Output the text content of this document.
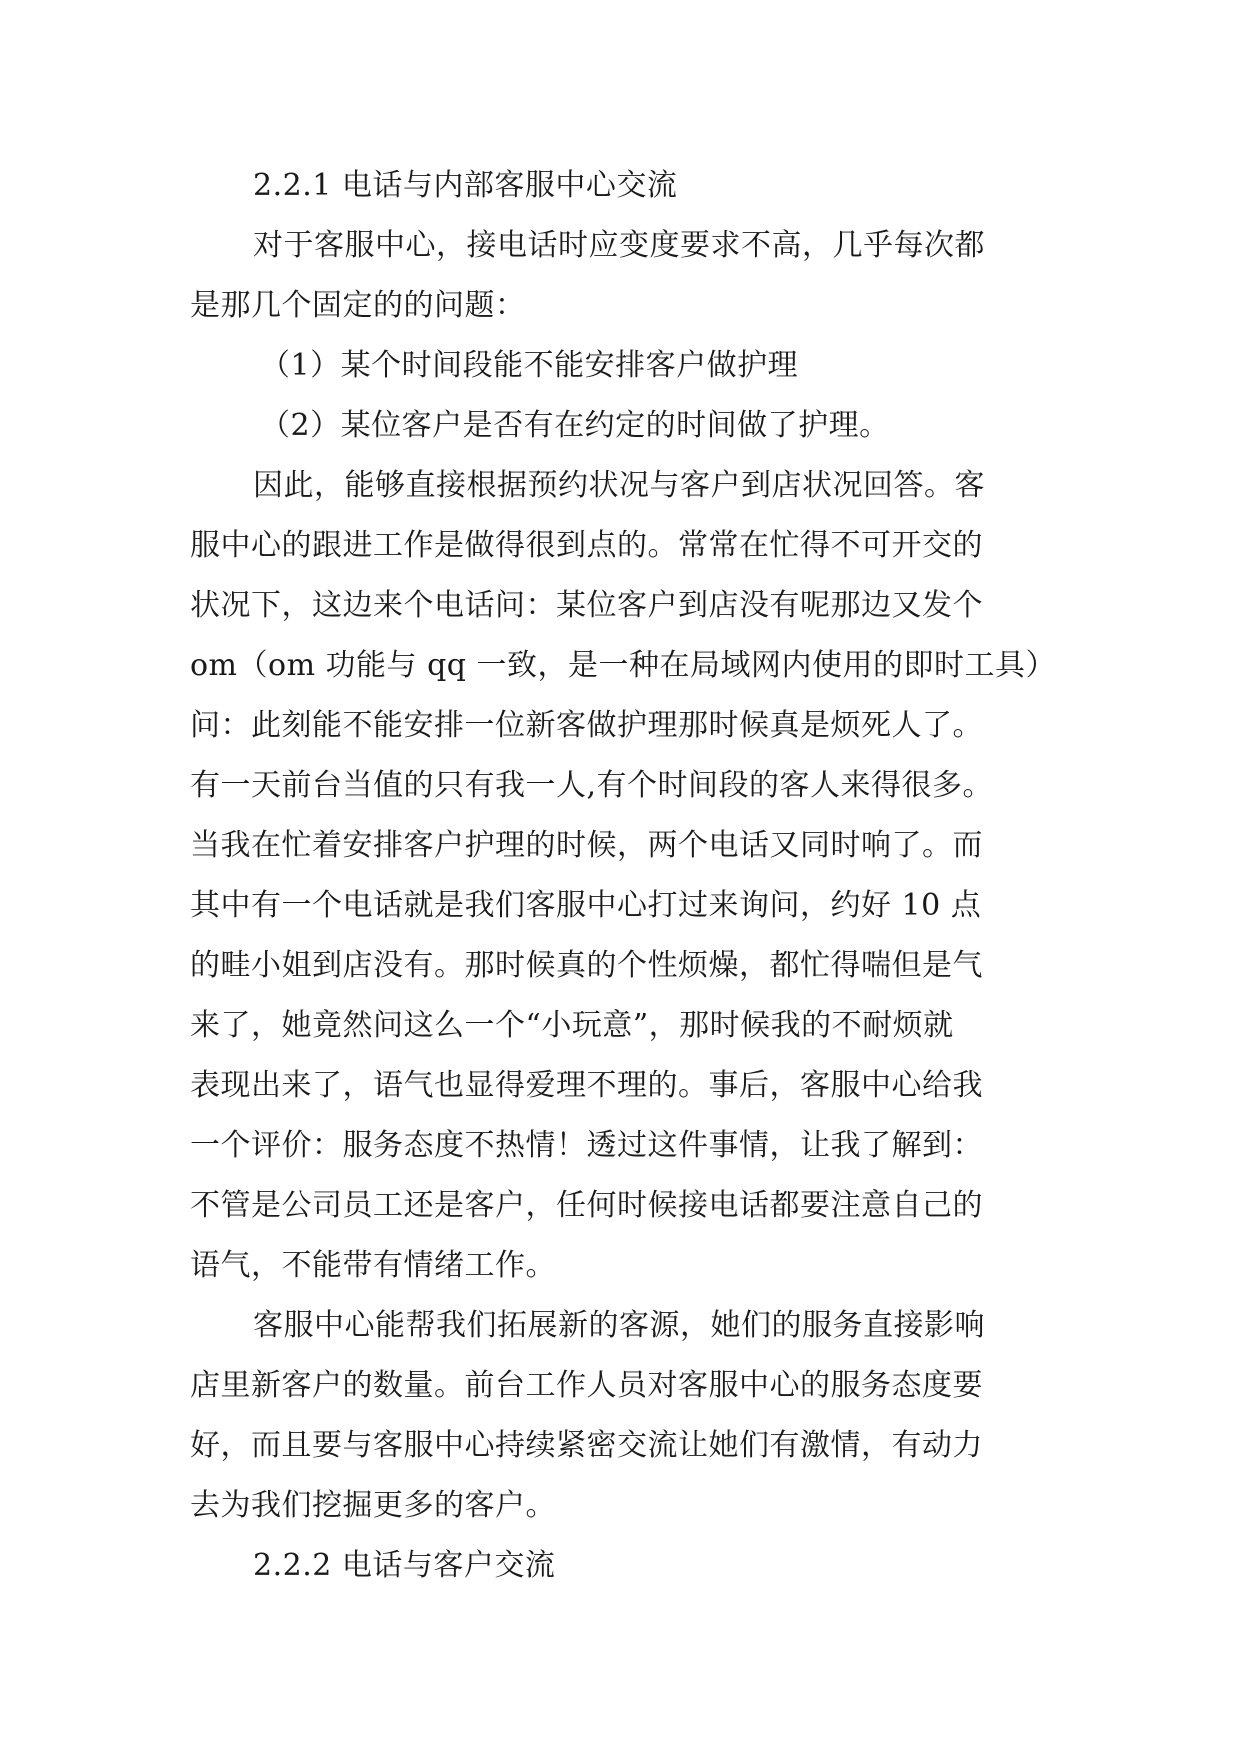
2.2.1 电话与内部客服中心交流
对于客服中心，接电话时应变度要求不高，几乎每次都
是那几个固定的的问题：
（1）某个时间段能不能安排客户做护理
（2）某位客户是否有在约定的时间做了护理。
因此，能够直接根据预约状况与客户到店状况回答。客
服中心的跟进工作是做得很到点的。常常在忙得不可开交的
状况下，这边来个电话问：某位客户到店没有呢那边又发个
om（om 功能与 qq 一致，是一种在局域网内使用的即时工具）
问：此刻能不能安排一位新客做护理那时候真是烦死人了。
有一天前台当值的只有我一人,有个时间段的客人来得很多。
当我在忙着安排客户护理的时候，两个电话又同时响了。而
其中有一个电话就是我们客服中心打过来询问，约好 10 点
的畦小姐到店没有。那时候真的个性烦燥，都忙得喘但是气
来了，她竟然问这么一个“小玩意”，那时候我的不耐烦就
表现出来了，语气也显得爱理不理的。事后，客服中心给我
一个评价：服务态度不热情！透过这件事情，让我了解到：
不管是公司员工还是客户，任何时候接电话都要注意自己的
语气，不能带有情绪工作。
客服中心能帮我们拓展新的客源，她们的服务直接影响
店里新客户的数量。前台工作人员对客服中心的服务态度要
好，而且要与客服中心持续紧密交流让她们有激情，有动力
去为我们挖掘更多的客户。
2.2.2 电话与客户交流
